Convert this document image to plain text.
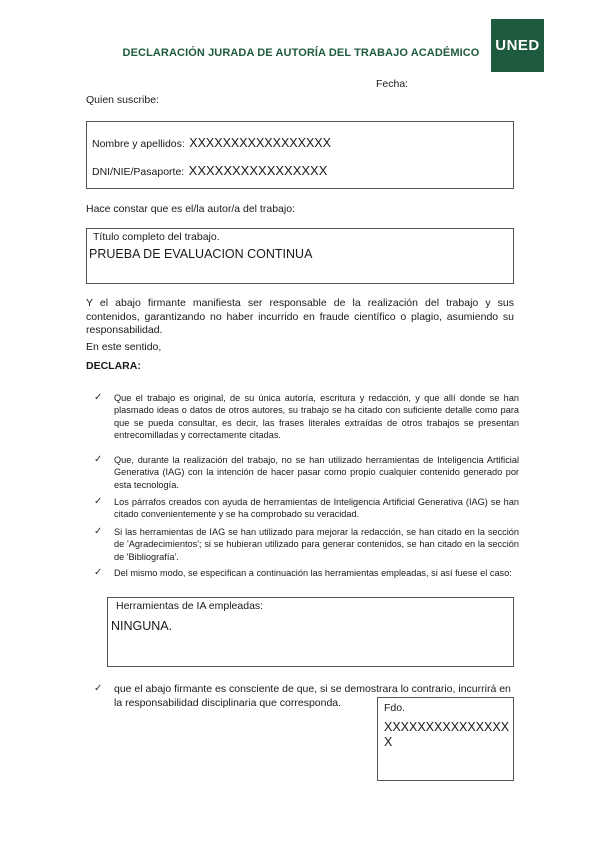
DECLARACIÓN JURADA DE AUTORÍA DEL TRABAJO ACADÉMICO	UNED
Fecha:
Quien suscribe:
Nombre y apellidos: XXXXXXXXXXXXXXXXX
DNI/NIE/Pasaporte: XXXXXXXXXXXXXXXX
Hace constar que es el/la autor/a del trabajo:
Título completo del trabajo.
PRUEBA DE EVALUACION CONTINUA
Y el abajo firmante manifiesta ser responsable de la realización del trabajo y sus contenidos, garantizando no haber incurrido en fraude científico o plagio, asumiendo su responsabilidad.
En este sentido,
DECLARA:
✓ Que el trabajo es original, de su única autoría, escritura y redacción, y que allí donde se han plasmado ideas o datos de otros autores, su trabajo se ha citado con suficiente detalle como para que se pueda consultar, es decir, las frases literales extraídas de otros trabajos se presentan entrecomilladas y correctamente citadas.
✓ Que, durante la realización del trabajo, no se han utilizado herramientas de Inteligencia Artificial Generativa (IAG) con la intención de hacer pasar como propio cualquier contenido generado por esta tecnología.
✓ Los párrafos creados con ayuda de herramientas de Inteligencia Artificial Generativa (IAG) se han citado convenientemente y se ha comprobado su veracidad.
✓ Si las herramientas de IAG se han utilizado para mejorar la redacción, se han citado en la sección de 'Agradecimientos'; si se hubieran utilizado para generar contenidos, se han citado en la sección de 'Bibliografía'.
✓ Del mismo modo, se especifican a continuación las herramientas empleadas, si así fuese el caso:
Herramientas de IA empleadas:
NINGUNA.
✓ que el abajo firmante es consciente de que, si se demostrara lo contrario, incurrirá en la responsabilidad disciplinaria que corresponda.	Fdo.
XXXXXXXXXXXXXXX X
